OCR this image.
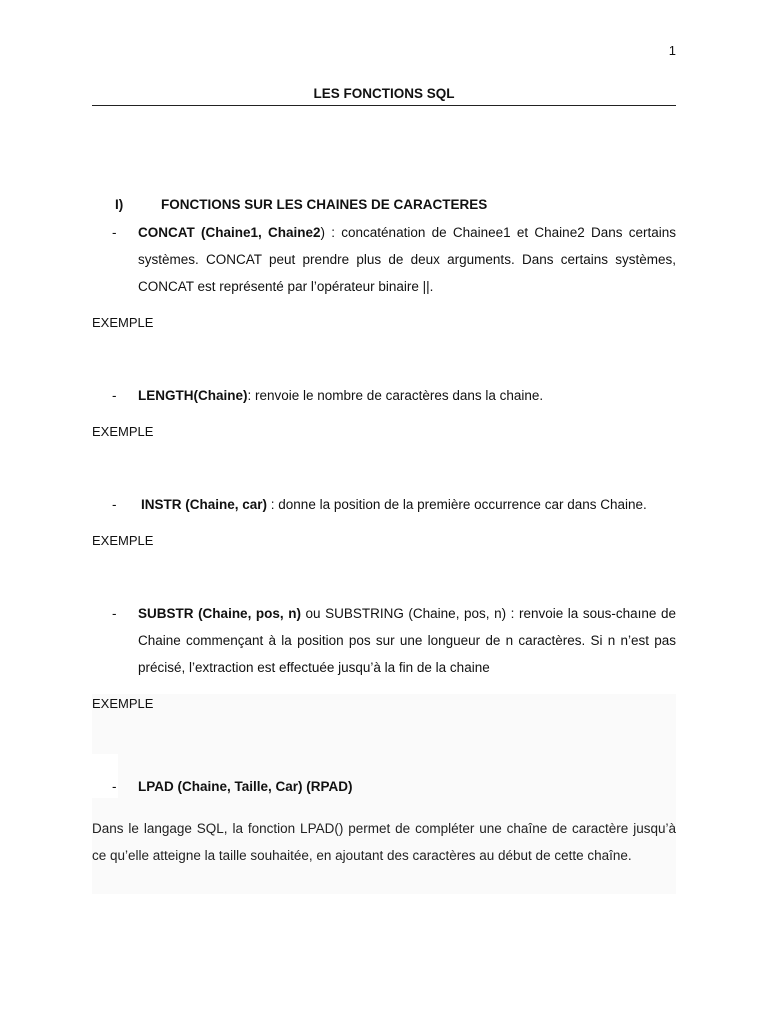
1
LES FONCTIONS SQL
I)	FONCTIONS SUR LES CHAINES DE CARACTERES
- CONCAT (Chaine1, Chaine2) : concaténation de Chainee1 et Chaine2 Dans certains systèmes. CONCAT peut prendre plus de deux arguments. Dans certains systèmes, CONCAT est représenté par l’opérateur binaire ||.
EXEMPLE
- LENGTH(Chaine): renvoie le nombre de caractères dans la chaine.
EXEMPLE
- INSTR (Chaine, car) : donne la position de la première occurrence car dans Chaine.
EXEMPLE
- SUBSTR (Chaine, pos, n) ou SUBSTRING (Chaine, pos, n) : renvoie la sous-chaıne de Chaine commençant à la position pos sur une longueur de n caractères. Si n n’est pas précisé, l’extraction est effectuée jusqu’à la fin de la chaine
EXEMPLE
- LPAD (Chaine, Taille, Car) (RPAD)
Dans le langage SQL, la fonction LPAD() permet de compléter une chaîne de caractère jusqu’à ce qu’elle atteigne la taille souhaitée, en ajoutant des caractères au début de cette chaîne.
